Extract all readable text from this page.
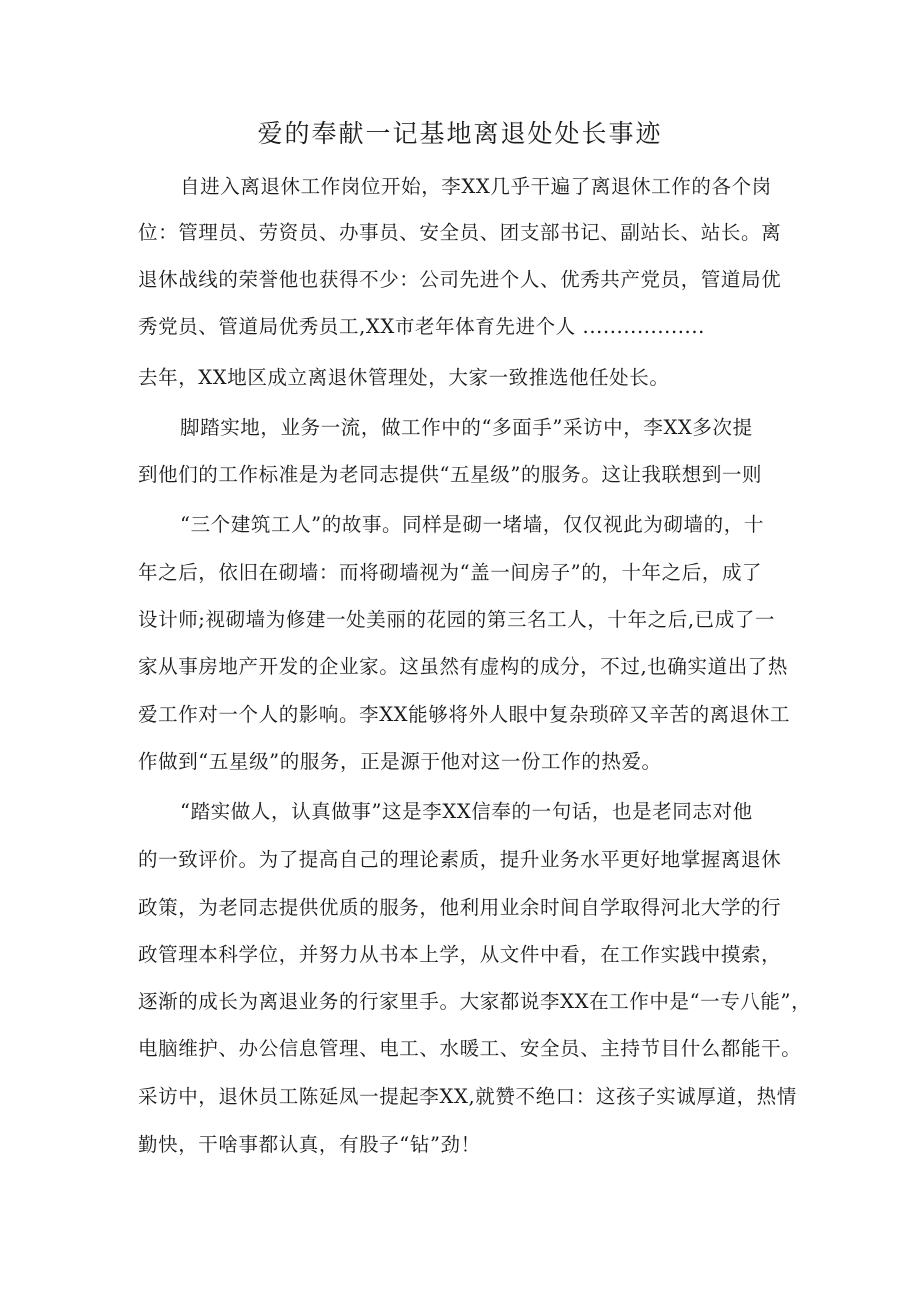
爱的奉献一记基地离退处处长事迹

自进入离退休工作岗位开始，李XX几乎干遍了离退休工作的各个岗

位：管理员、劳资员、办事员、安全员、团支部书记、副站长、站长。离

退休战线的荣誉他也获得不少：公司先进个人、优秀共产党员，管道局优

秀党员、管道局优秀员工,XX市老年体育先进个人 ..................

去年，XX地区成立离退休管理处，大家一致推选他任处长。

脚踏实地，业务一流，做工作中的“多面手”采访中，李XX多次提

到他们的工作标准是为老同志提供“五星级”的服务。这让我联想到一则

“三个建筑工人”的故事。同样是砌一堵墙，仅仅视此为砌墙的，十

年之后，依旧在砌墙：而将砌墙视为“盖一间房子”的，十年之后，成了

设计师;视砌墙为修建一处美丽的花园的第三名工人，十年之后,已成了一

家从事房地产开发的企业家。这虽然有虚构的成分，不过,也确实道出了热

爱工作对一个人的影响。李XX能够将外人眼中复杂琐碎又辛苦的离退休工

作做到“五星级”的服务，正是源于他对这一份工作的热爱。

“踏实做人，认真做事”这是李XX信奉的一句话，也是老同志对他

的一致评价。为了提高自己的理论素质，提升业务水平更好地掌握离退休

政策，为老同志提供优质的服务，他利用业余时间自学取得河北大学的行

政管理本科学位，并努力从书本上学，从文件中看，在工作实践中摸索，

逐渐的成长为离退业务的行家里手。大家都说李XX在工作中是“一专八能”，

电脑维护、办公信息管理、电工、水暖工、安全员、主持节目什么都能干。

采访中，退休员工陈延凤一提起李XX,就赞不绝口：这孩子实诚厚道，热情

勤快，干啥事都认真，有股子“钻”劲！
